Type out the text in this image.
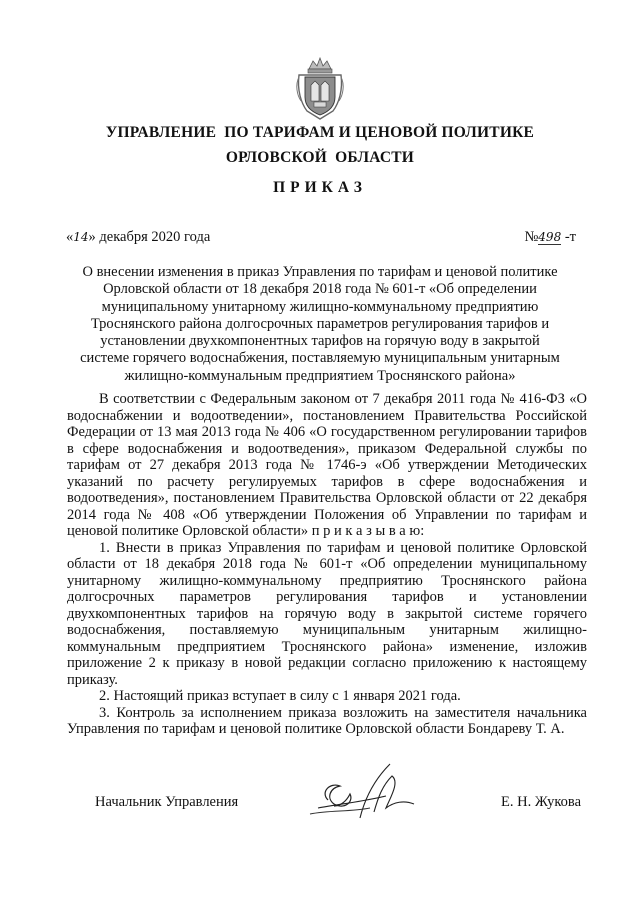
УПРАВЛЕНИЕ  ПО ТАРИФАМ И ЦЕНОВОЙ ПОЛИТИКЕ
ОРЛОВСКОЙ  ОБЛАСТИ
ПРИКАЗ
«14» декабря 2020 года	№498 -т
О внесении изменения в приказ Управления по тарифам и ценовой политике Орловской области от 18 декабря 2018 года № 601-т «Об определении муниципальному унитарному жилищно-коммунальному предприятию Троснянского района долгосрочных параметров регулирования тарифов и установлении двухкомпонентных тарифов на горячую воду в закрытой системе горячего водоснабжения, поставляемую муниципальным унитарным жилищно-коммунальным предприятием Троснянского района»

В соответствии с Федеральным законом от 7 декабря 2011 года № 416-ФЗ «О водоснабжении и водоотведении», постановлением Правительства Российской Федерации от 13 мая 2013 года № 406 «О государственном регулировании тарифов в сфере водоснабжения и водоотведения», приказом Федеральной службы по тарифам от 27 декабря 2013 года № 1746-э «Об утверждении Методических указаний по расчету регулируемых тарифов в сфере водоснабжения и водоотведения», постановлением Правительства Орловской области от 22 декабря 2014 года № 408 «Об утверждении Положения об Управлении по тарифам и ценовой политике Орловской области» п р и к а з ы в а ю:

1. Внести в приказ Управления по тарифам и ценовой политике Орловской области от 18 декабря 2018 года № 601-т «Об определении муниципальному унитарному жилищно-коммунальному предприятию Троснянского района долгосрочных параметров регулирования тарифов и установлении двухкомпонентных тарифов на горячую воду в закрытой системе горячего водоснабжения, поставляемую муниципальным унитарным жилищно-коммунальным предприятием Троснянского района» изменение, изложив приложение 2 к приказу в новой редакции согласно приложению к настоящему приказу.

2. Настоящий приказ вступает в силу с 1 января 2021 года.

3. Контроль за исполнением приказа возложить на заместителя начальника Управления по тарифам и ценовой политике Орловской области Бондареву Т. А.

Начальник Управления	Е. Н. Жукова
